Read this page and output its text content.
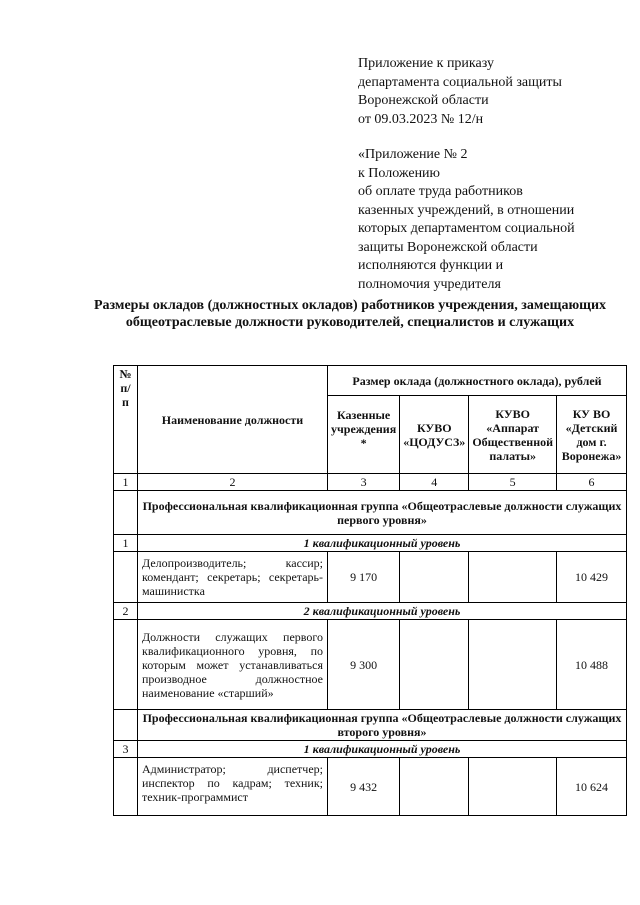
Приложение к приказу

департамента социальной защиты

Воронежской области

от 09.03.2023 № 12/н

«Приложение № 2

к Положению

об оплате труда работников

казенных учреждений, в отношении

которых департаментом социальной

защиты Воронежской области

исполняются функции и

полномочия учредителя

Размеры окладов (должностных окладов) работников учреждения, замещающих общеотраслевые должности руководителей, специалистов и служащих
№ п/п	Наименование должности	Размер оклада (должностного оклада), рублей			
		Казенные учреждения *	КУВО «ЦОДУСЗ»	КУВО «Аппарат Общественной палаты»	КУ ВО «Детский дом г. Воронежа»
1	2	3	4	5	6
	Профессиональная квалификационная группа «Общеотраслевые должности служащих первого уровня»				
1	1 квалификационный уровень				
	Делопроизводитель; кассир; комендант; секретарь; секретарь- машинистка	9 170			10 429
2	2 квалификационный уровень				
	Должности служащих первого квалификационного уровня, по которым может устанавливаться производное должностное наименование «старший»	9 300			10 488
	Профессиональная квалификационная группа «Общеотраслевые должности служащих второго уровня»				
3	1 квалификационный уровень				
	Администратор; диспетчер; инспектор по кадрам; техник; техник-программист	9 432			10 624
